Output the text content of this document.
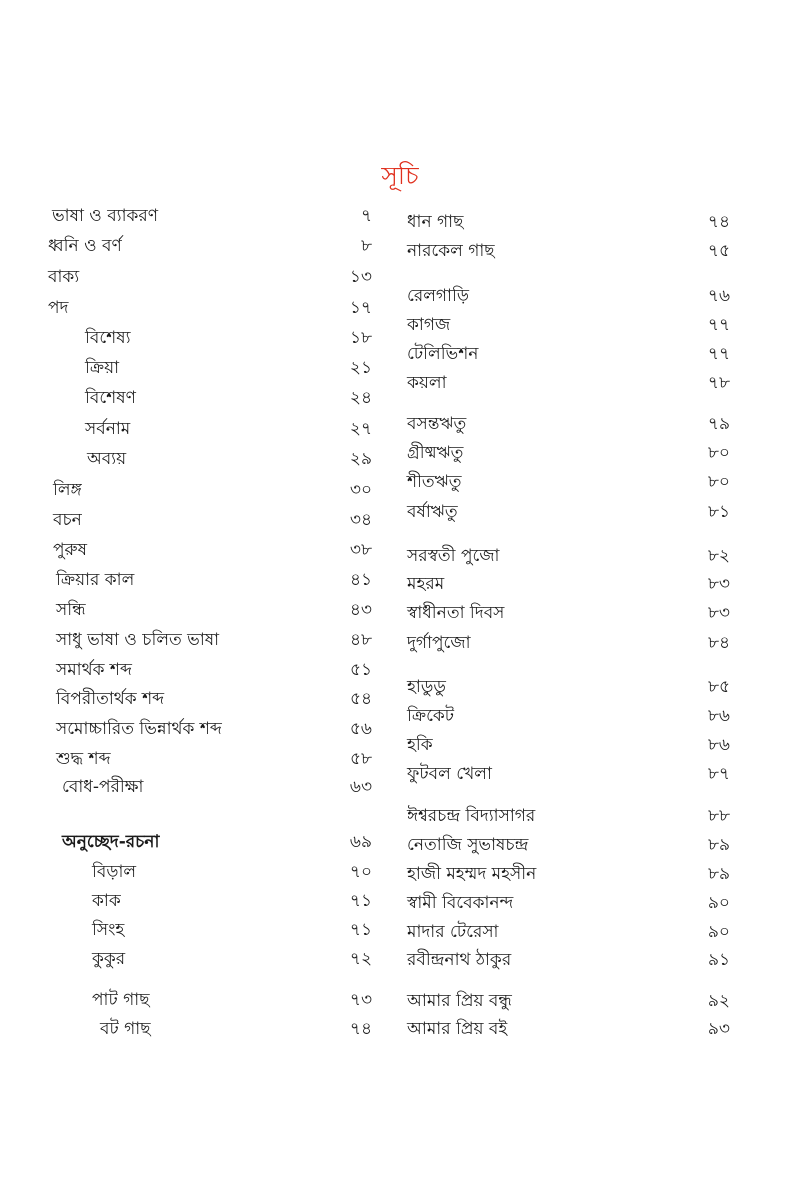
সূচি
ভাষা ও ব্যাকরণ	৭
ধ্বনি ও বর্ণ	৮
বাক্য	১৩
পদ	১৭
বিশেষ্য	১৮
ক্রিয়া	২১
বিশেষণ	২৪
সর্বনাম	২৭
অব্যয়	২৯
লিঙ্গ	৩০
বচন	৩৪
পুরুষ	৩৮
ক্রিয়ার কাল	৪১
সন্ধি	৪৩
সাধু ভাষা ও চলিত ভাষা	৪৮
সমার্থক শব্দ	৫১
বিপরীতার্থক শব্দ	৫৪
সমোচ্চারিত ভিন্নার্থক শব্দ	৫৬
শুদ্ধ শব্দ	৫৮
বোধ-পরীক্ষা	৬৩
অনুচ্ছেদ-রচনা	৬৯
বিড়াল	৭০
কাক	৭১
সিংহ	৭১
কুকুর	৭২
পাট গাছ	৭৩
বট গাছ	৭৪
ধান গাছ	৭৪
নারকেল গাছ	৭৫
রেলগাড়ি	৭৬
কাগজ	৭৭
টেলিভিশন	৭৭
কয়লা	৭৮
বসন্তঋতু	৭৯
গ্রীষ্মঋতু	৮০
শীতঋতু	৮০
বর্ষাঋতু	৮১
সরস্বতী পুজো	৮২
মহরম	৮৩
স্বাধীনতা দিবস	৮৩
দুর্গাপুজো	৮৪
হাডুডু	৮৫
ক্রিকেট	৮৬
হকি	৮৬
ফুটবল খেলা	৮৭
ঈশ্বরচন্দ্র বিদ্যাসাগর	৮৮
নেতাজি সুভাষচন্দ্র	৮৯
হাজী মহম্মদ মহসীন	৮৯
স্বামী বিবেকানন্দ	৯০
মাদার টেরেসা	৯০
রবীন্দ্রনাথ ঠাকুর	৯১
আমার প্রিয় বন্ধু	৯২
আমার প্রিয় বই	৯৩
